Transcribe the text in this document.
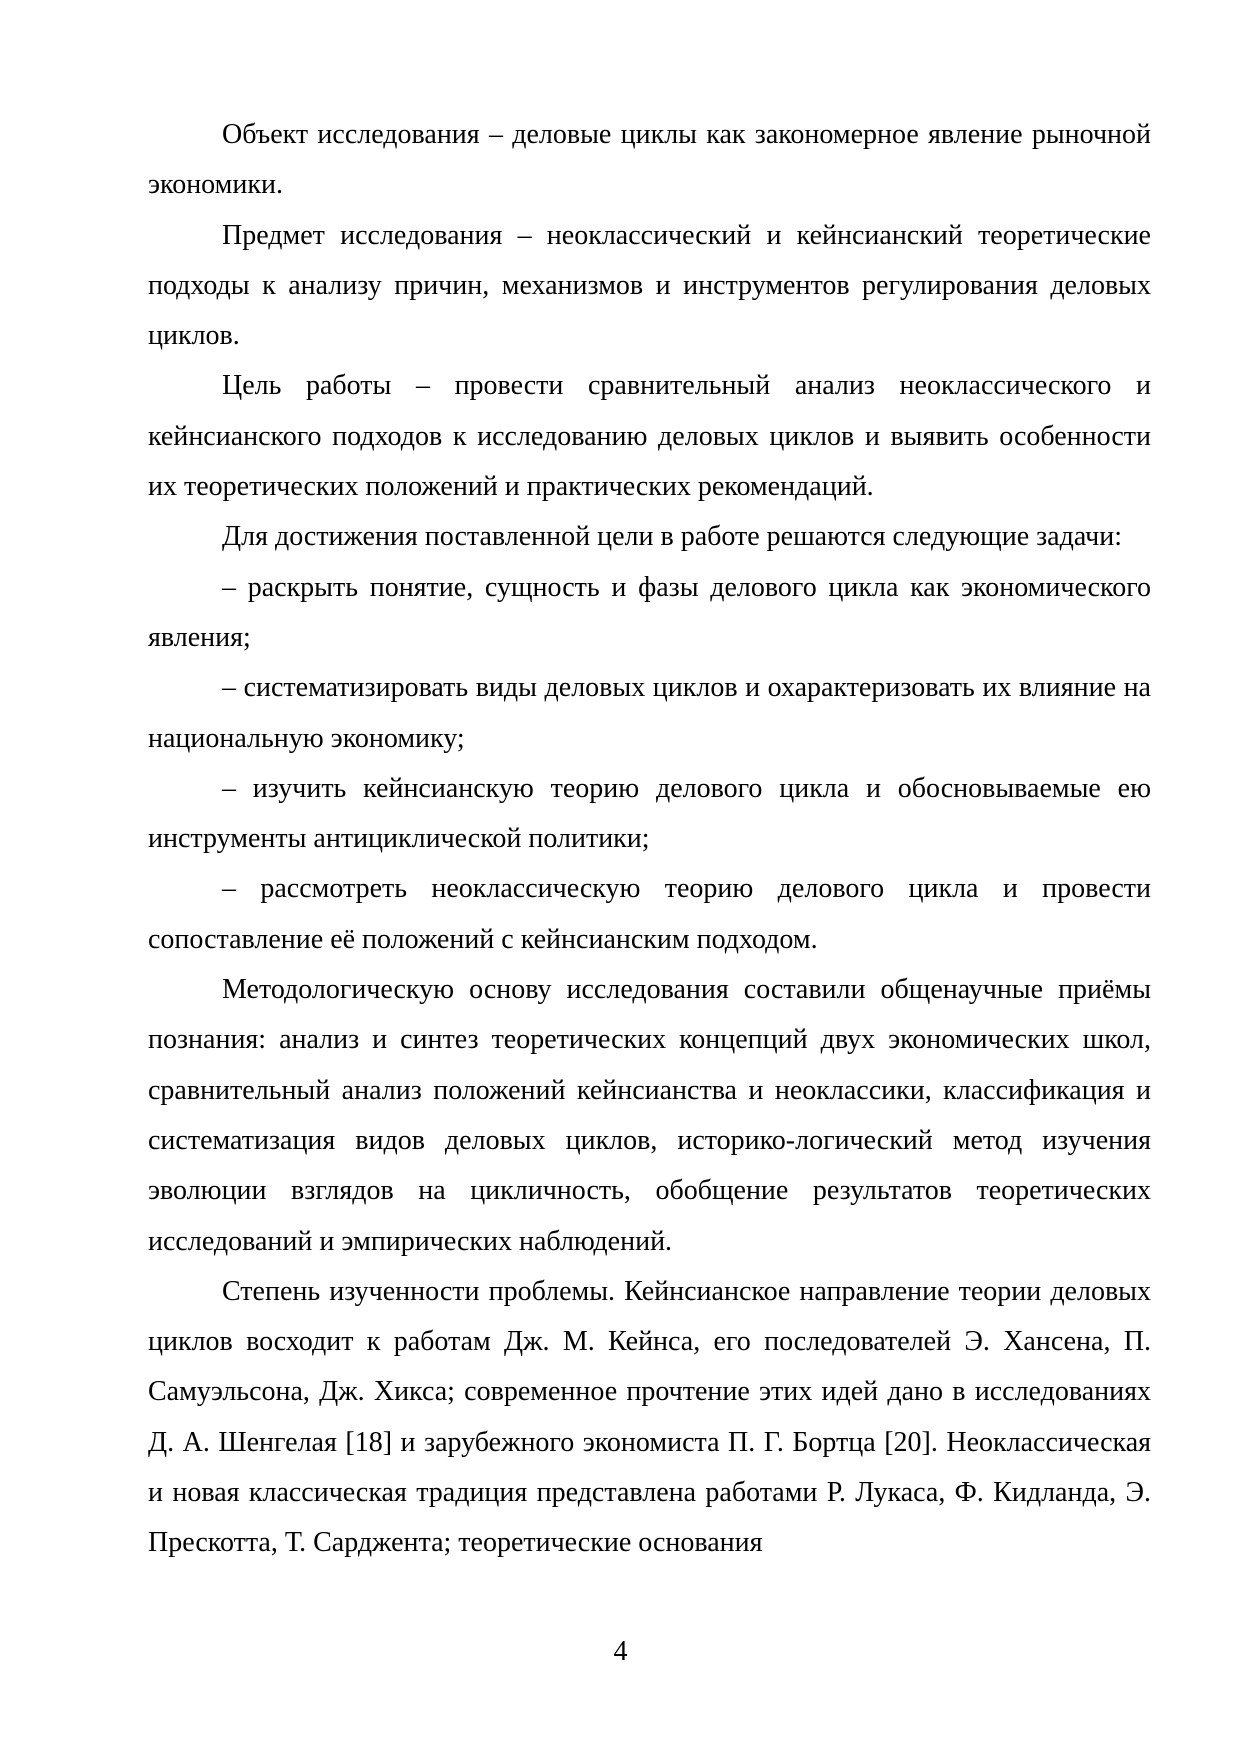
Объект исследования – деловые циклы как закономерное явление рыночной экономики.

Предмет исследования – неоклассический и кейнсианский теоретические подходы к анализу причин, механизмов и инструментов регулирования деловых циклов.

Цель работы – провести сравнительный анализ неоклассического и кейнсианского подходов к исследованию деловых циклов и выявить особенности их теоретических положений и практических рекомендаций.

Для достижения поставленной цели в работе решаются следующие задачи:

– раскрыть понятие, сущность и фазы делового цикла как экономического явления;

– систематизировать виды деловых циклов и охарактеризовать их влияние на национальную экономику;

– изучить кейнсианскую теорию делового цикла и обосновываемые ею инструменты антициклической политики;

– рассмотреть неоклассическую теорию делового цикла и провести сопоставление её положений с кейнсианским подходом.

Методологическую основу исследования составили общенаучные приёмы познания: анализ и синтез теоретических концепций двух экономических школ, сравнительный анализ положений кейнсианства и неоклассики, классификация и систематизация видов деловых циклов, историко-логический метод изучения эволюции взглядов на цикличность, обобщение результатов теоретических исследований и эмпирических наблюдений.

Степень изученности проблемы. Кейнсианское направление теории деловых циклов восходит к работам Дж. М. Кейнса, его последователей Э. Хансена, П. Самуэльсона, Дж. Хикса; современное прочтение этих идей дано в исследованиях Д. А. Шенгелая [18] и зарубежного экономиста П. Г. Бортца [20]. Неоклассическая и новая классическая традиция представлена работами Р. Лукаса, Ф. Кидланда, Э. Прескотта, Т. Сарджента; теоретические основания

4
